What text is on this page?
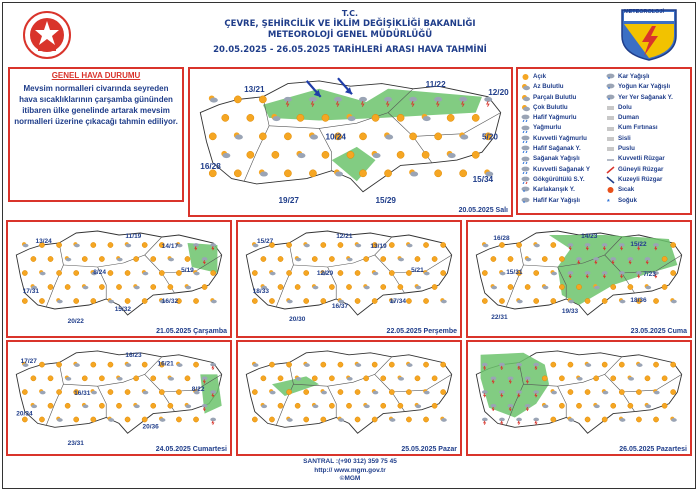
T.C.
ÇEVRE, ŞEHİRCİLİK VE İKLİM DEĞİŞİKLİĞİ BAKANLIĞI
METEOROLOJİ GENEL MÜDÜRLÜĞÜ
20.05.2025 - 26.05.2025 TARİHLERİ ARASI HAVA TAHMİNİ
METEOROLOJİ
GENEL HAVA DURUMU
Mevsim normalleri civarında seyreden hava sıcaklıklarının çarşamba gününden itibaren ülke genelinde artarak mevsim normalleri üzerine çıkacağı tahmin ediliyor.
Açık
Az Bulutlu
Parçalı Bulutlu
Çok Bulutlu
Hafif Yağmurlu
Yağmurlu
Kuvvetli Yağmurlu
Hafif Sağanak Y.
Sağanak Yağışlı
Kuvvetli Sağanak Y
Gökgürültülü S.Y.
*
Karlakarışık Y.
*
Hafif Kar Yağışlı
*
Kar Yağışlı
*
Yoğun Kar Yağışlı
*
Yer Yer Sağanak Y.
Dolu
Duman
Kum Fırtınası
Sisli
Puslu
Kuvvetli Rüzgar
Güneyli Rüzgar
Kuzeyli Rüzgar
Sıcak
* Soğuk
13/21
11/22
12/20
10/24	5/20
16/28
15/34
19/27	15/29
20.05.2025 Salı
13/24
11/19
14/17
8/24	5/19
17/31
16/32
15/32
20/22
21.05.2025 Çarşamba
15/27
12/21
13/19
12/29	5/21
18/33
16/37
17/34
20/30
22.05.2025 Perşembe
16/28	14/23
15/22
15/31	7/23
18/36
22/31
19/33
23.05.2025 Cuma
17/27
16/23
16/21
16/31
8/22
20/34
20/36
23/31
24.05.2025 Cumartesi	25.05.2025 Pazar	26.05.2025 Pazartesi
SANTRAL :(+90 312) 359 75 45
http:// www.mgm.gov.tr
©MGM
